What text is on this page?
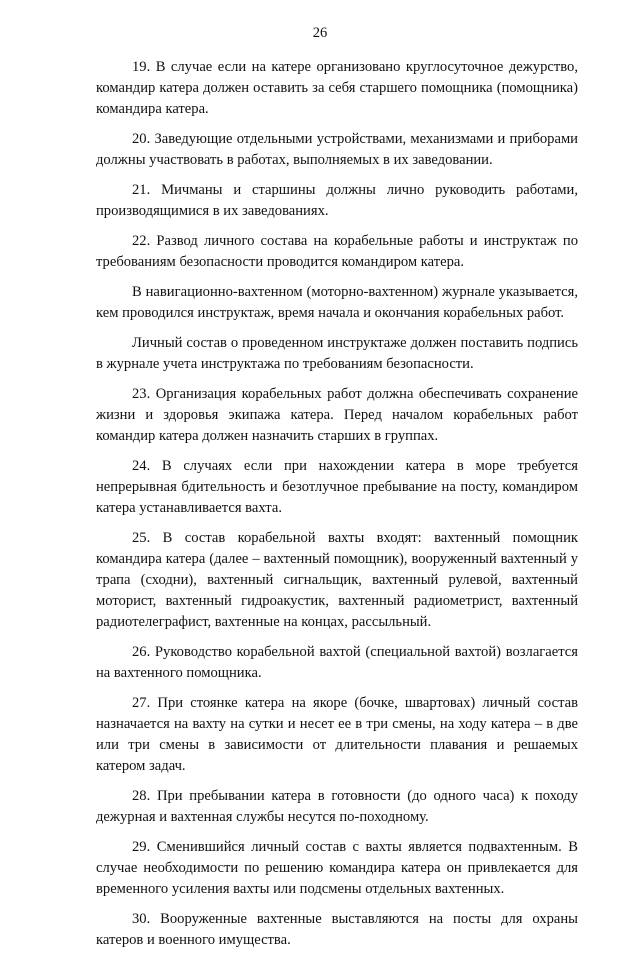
26

19. В случае если на катере организовано круглосуточное дежурство, командир катера должен оставить за себя старшего помощника (помощника) командира катера.

20. Заведующие отдельными устройствами, механизмами и приборами должны участвовать в работах, выполняемых в их заведовании.

21. Мичманы и старшины должны лично руководить работами, производящимися в их заведованиях.

22. Развод личного состава на корабельные работы и инструктаж по требованиям безопасности проводится командиром катера.

В навигационно-вахтенном (моторно-вахтенном) журнале указывается, кем проводился инструктаж, время начала и окончания корабельных работ.

Личный состав о проведенном инструктаже должен поставить подпись в журнале учета инструктажа по требованиям безопасности.

23. Организация корабельных работ должна обеспечивать сохранение жизни и здоровья экипажа катера. Перед началом корабельных работ командир катера должен назначить старших в группах.

24. В случаях если при нахождении катера в море требуется непрерывная бдительность и безотлучное пребывание на посту, командиром катера устанавливается вахта.

25. В состав корабельной вахты входят: вахтенный помощник командира катера (далее – вахтенный помощник), вооруженный вахтенный у трапа (сходни), вахтенный сигнальщик, вахтенный рулевой, вахтенный моторист, вахтенный гидроакустик, вахтенный радиометрист, вахтенный радиотелеграфист, вахтенные на концах, рассыльный.

26. Руководство корабельной вахтой (специальной вахтой) возлагается на вахтенного помощника.

27. При стоянке катера на якоре (бочке, швартовах) личный состав назначается на вахту на сутки и несет ее в три смены, на ходу катера – в две или три смены в зависимости от длительности плавания и решаемых катером задач.

28. При пребывании катера в готовности (до одного часа) к походу дежурная и вахтенная службы несутся по-походному.

29. Сменившийся личный состав с вахты является подвахтенным. В случае необходимости по решению командира катера он привлекается для временного усиления вахты или подсмены отдельных вахтенных.

30. Вооруженные вахтенные выставляются на посты для охраны катеров и военного имущества.
